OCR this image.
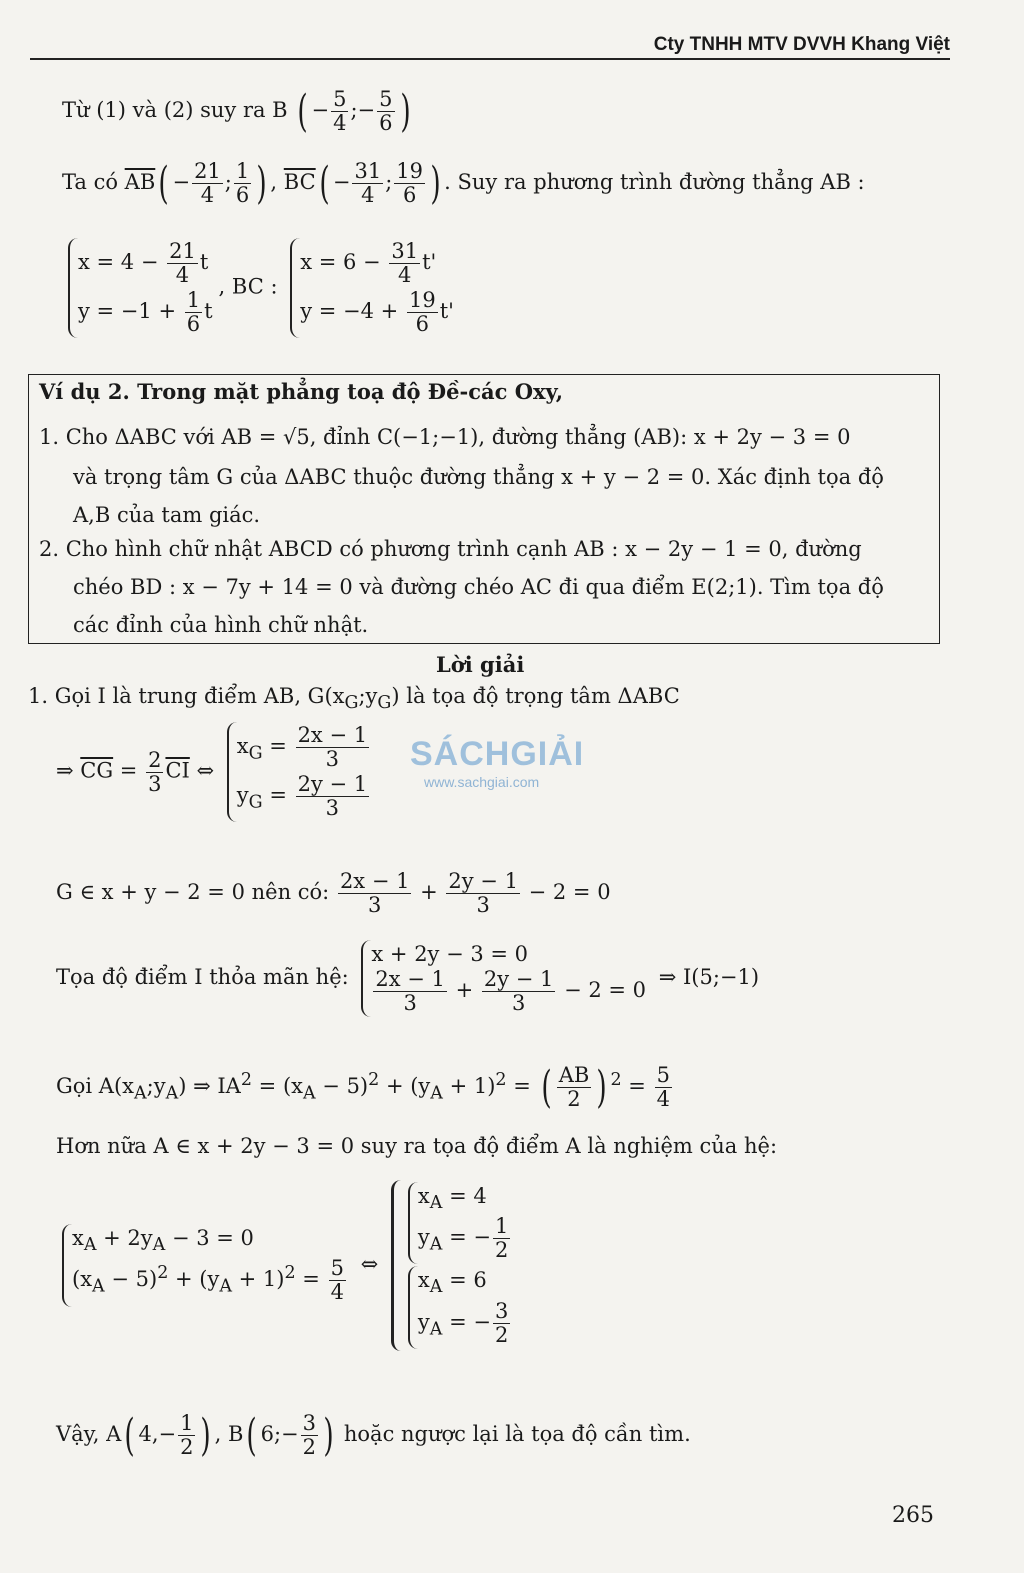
Cty TNHH MTV DVVH Khang Việt
Từ (1) và (2) suy ra B ( − $\frac{5}{4}$ ;− $\frac{5}{6}$ )
Ta có $\overline{AB}( - \frac{21}{4}$ ; $\frac{1}{6}$ ) , $\overline{BC}( - \frac{31}{4}$ ; $\frac{19}{6}$ ) . Suy ra phương trình đường thẳng AB :
$x = 4 - \frac{21}{4}$ t
$y = -1 + \frac{1}{6}$ t
, BC :
$x = 6 - \frac{31}{4} t'$
$y = -4 + \frac{19}{6} t'$
Ví dụ 2. Trong mặt phẳng toạ độ Đề-các Oxy,
1. Cho ΔABC với AB = √5, đỉnh C(−1;−1), đường thẳng (AB): x + 2y − 3 = 0
và trọng tâm G của ΔABC thuộc đường thẳng x + y − 2 = 0. Xác định tọa độ
A,B của tam giác.
2. Cho hình chữ nhật ABCD có phương trình cạnh AB : x − 2y − 1 = 0, đường
chéo BD : x − 7y + 14 = 0 và đường chéo AC đi qua điểm E(2;1). Tìm tọa độ
các đỉnh của hình chữ nhật.
Lời giải
1. Gọi I là trung điểm AB, $G(x_G;y_G)$ là tọa độ trọng tâm ΔABC
⇒ $\overline{CG} = \frac{2}{3} \overline{CI}$ ⇔
$x_G = \frac{2x - 1}{3}$
$y_G = \frac{2y - 1}{3}$
SÁCHGIẢI
www.sachgiai.com
G ∈ x + y − 2 = 0 nên có: $\frac{2x - 1}{3} + \frac{2y - 1}{3} - 2 = 0$
Tọa độ điểm I thỏa mãn hệ:
x + 2y − 3 = 0
$\frac{2x - 1}{3} + \frac{2y - 1}{3} - 2 = 0$
⇒ I(5;−1)
Gọi $A(x_A;y_A)$ ⇒ $IA^2 = (x_A - 5)^2 + (y_A + 1)^2$ = ( $\frac{AB}{2}$ ) $^2 = \frac{5}{4}$
Hơn nữa A ∈ x + 2y − 3 = 0 suy ra tọa độ điểm A là nghiệm của hệ:
$x_A + 2y_A - 3 = 0$
$(x_A - 5)^2 + (y_A + 1)^2 = \frac{5}{4}$ ⇔
$x_A = 4$
$y_A$ = − $\frac{1}{2}$
$x_A = 6$
$y_A$ = − $\frac{3}{2}$
Vậy, A( $4,- \frac{1}{2}$ ) , B( 6;− $\frac{3}{2}$ ) hoặc ngược lại là tọa độ cần tìm.
265
